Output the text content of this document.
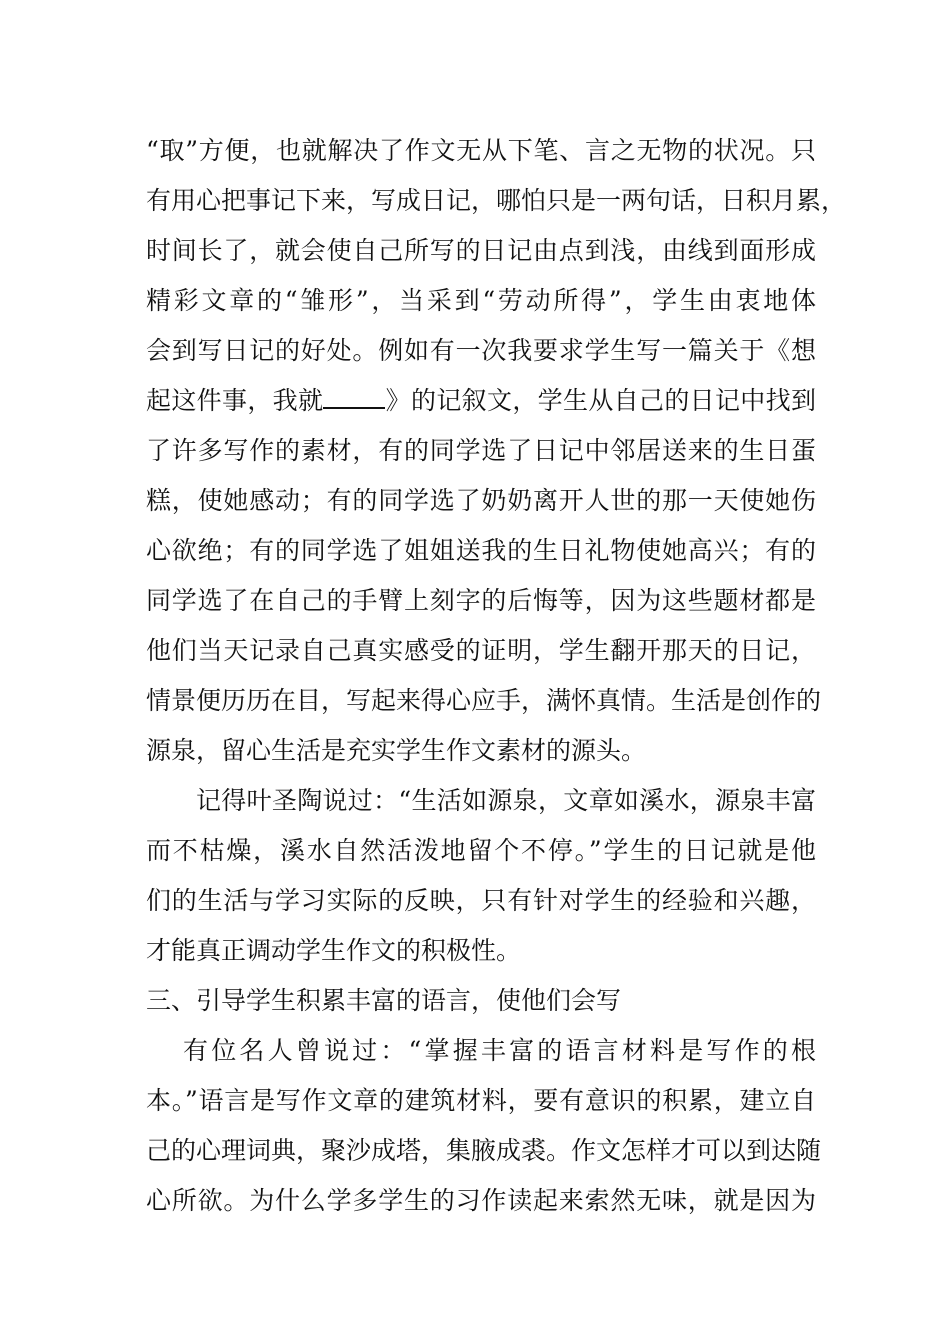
“取”方便，也就解决了作文无从下笔、言之无物的状况。只
有用心把事记下来，写成日记，哪怕只是一两句话，日积月累，
时间长了，就会使自己所写的日记由点到浅，由线到面形成
精彩文章的“雏形”，当采到“劳动所得”，学生由衷地体
会到写日记的好处。例如有一次我要求学生写一篇关于《想
起这件事，我就 》的记叙文，学生从自己的日记中找到
了许多写作的素材，有的同学选了日记中邻居送来的生日蛋
糕，使她感动；有的同学选了奶奶离开人世的那一天使她伤
心欲绝；有的同学选了姐姐送我的生日礼物使她高兴；有的
同学选了在自己的手臂上刻字的后悔等，因为这些题材都是
他们当天记录自己真实感受的证明，学生翻开那天的日记，
情景便历历在目，写起来得心应手，满怀真情。生活是创作的
源泉，留心生活是充实学生作文素材的源头。
记得叶圣陶说过：“生活如源泉，文章如溪水，源泉丰富
而不枯燥，溪水自然活泼地留个不停。”学生的日记就是他
们的生活与学习实际的反映，只有针对学生的经验和兴趣，
才能真正调动学生作文的积极性。
三、引导学生积累丰富的语言，使他们会写
有位名人曾说过：“掌握丰富的语言材料是写作的根
本。”语言是写作文章的建筑材料，要有意识的积累，建立自
己的心理词典，聚沙成塔，集腋成裘。作文怎样才可以到达随
心所欲。为什么学多学生的习作读起来索然无味，就是因为
